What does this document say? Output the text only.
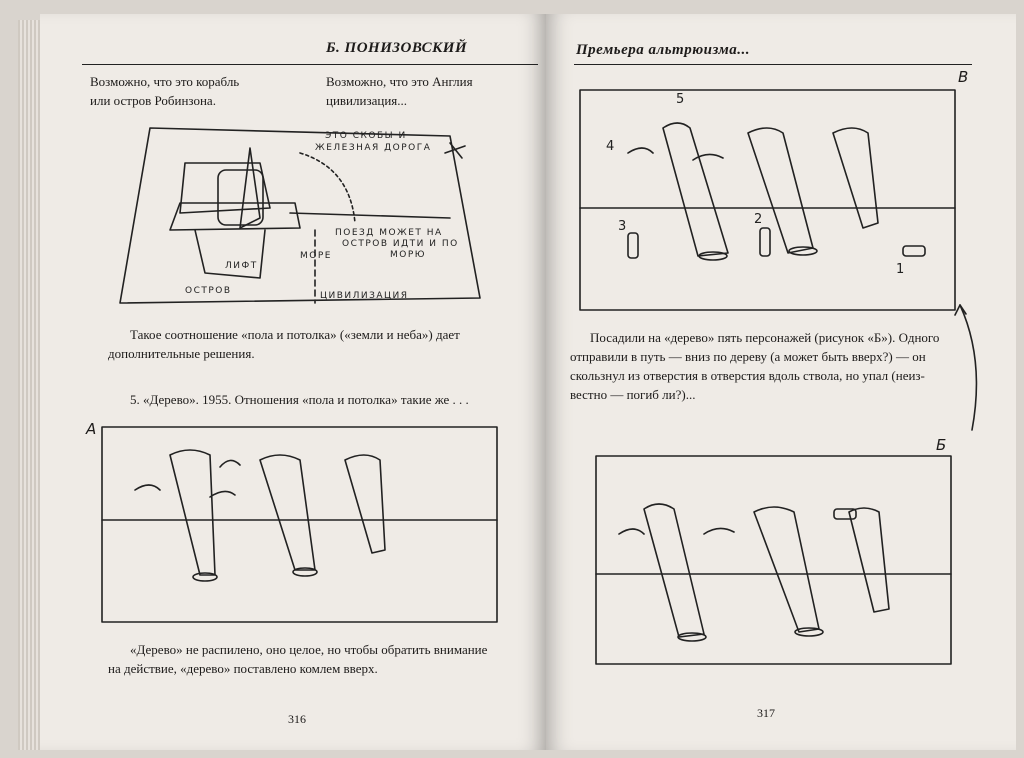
Б. ПОНИЗОВСКИЙ
Возможно, что это корабль
или остров Робинзона.
Возможно, что это Англия
цивилизация...
ЭТО СКОБЫ И
ЖЕЛЕЗНАЯ ДОРОГА
ПОЕЗД МОЖЕТ НА
ОСТРОВ ИДТИ И ПО
МОРЮ
МОРЕ
ЛИФТ
ОСТРОВ	ЦИВИЛИЗАЦИЯ
Такое соотношение «пола и потолка» («земли и неба») дает
дополнительные решения.
5. «Дерево». 1955. Отношения «пола и потолка» такие же . . .
А
«Дерево» не распилено, оно целое, но чтобы обратить внимание
на действие, «дерево» поставлено комлем вверх.
316
Премьера альтрюизма...
В
5
4
3	2
1
Посадили на «дерево» пять персонажей (рисунок «Б»). Одного
отправили в путь — вниз по дереву (а может быть вверх?) — он
скользнул из отверстия в отверстия вдоль ствола, но упал (неиз-
вестно — погиб ли?)...
Б
317
